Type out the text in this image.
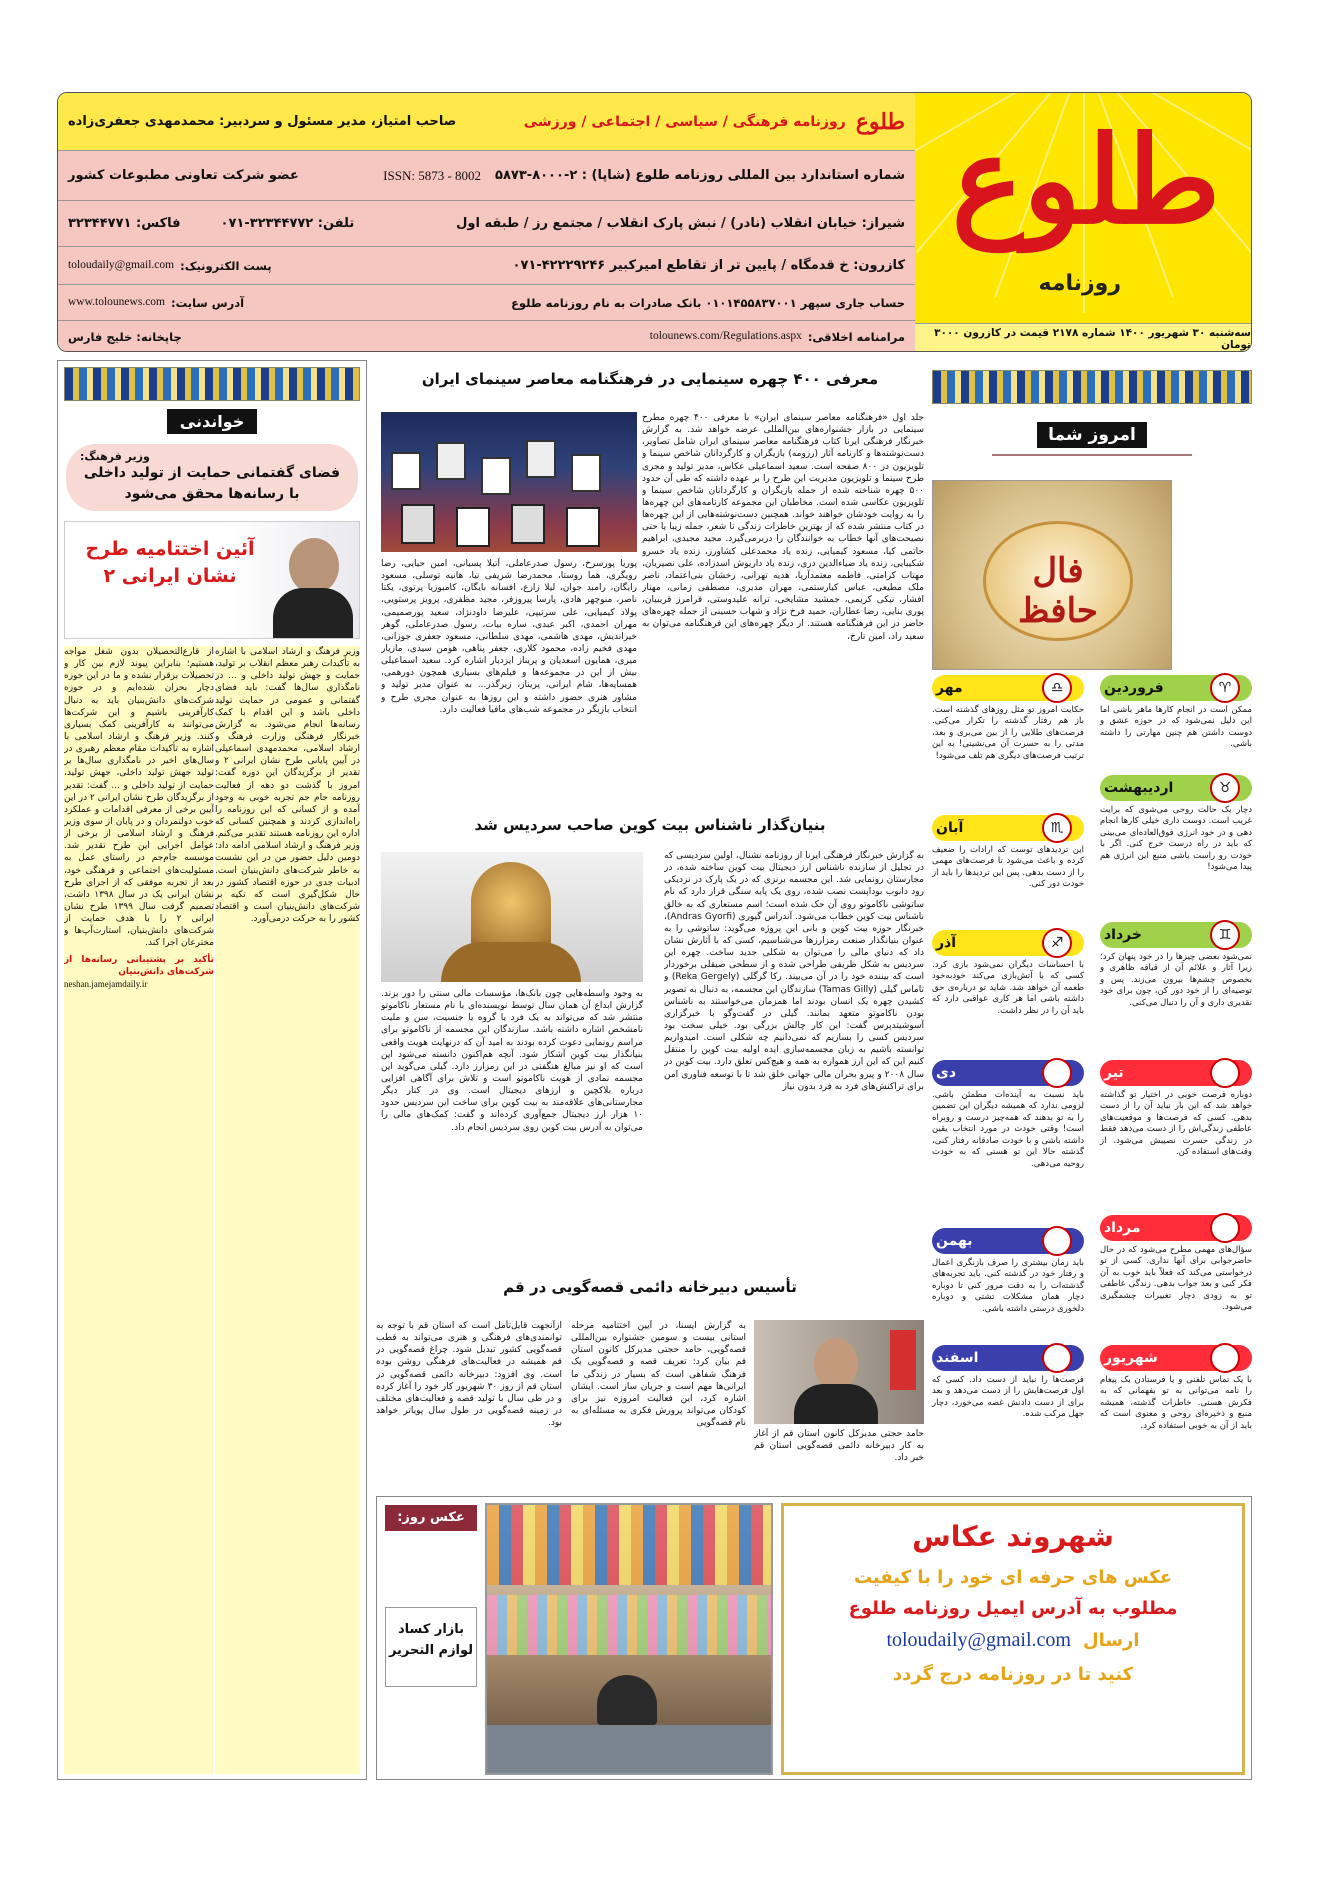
طلوع
روزنامه
سه‌شنبه ۳۰ شهریور ۱۴۰۰ شماره ۲۱۷۸ قیمت در کازرون ۳۰۰۰ تومان
طلوع
روزنامه فرهنگی / سیاسی / اجتماعی / ورزشی
صاحب امتیاز، مدیر مسئول و سردبیر: محمدمهدی جعفری‌زاده
شماره استاندارد بین المللی روزنامه طلوع (شاپا) : ۲-۸۰۰۰-۵۸۷۳
ISSN: 5873 - 8002
عضو شرکت تعاونی مطبوعات کشور
شیراز: خیابان انقلاب (نادر) / نبش پارک انقلاب / مجتمع رز / طبقه اول
تلفن: ۳۲۳۴۴۷۷۲-۰۷۱
فاکس: ۳۲۳۴۴۷۷۱
کازرون: خ قدمگاه / پایین تر از تقاطع امیرکبیر ۴۲۲۲۹۲۴۶-۰۷۱
پست الکترونیک:
toloudaily@gmail.com
حساب جاری سپهر ۰۱۰۱۴۵۵۸۳۷۰۰۱ بانک صادرات به نام روزنامه طلوع
آدرس سایت:
www.tolounews.com
مرامنامه اخلاقی:
tolounews.com/Regulations.aspx
چاپخانه: خلیج فارس
امروز شما
فال حافظ
♈
فروردین
ممکن است در انجام کارها ماهر باشی اما این دلیل نمی‌شود که در حوزه عشق و دوست داشتن هم چنین مهارتی را داشته باشی.
♎
مهر
حکایت امروز تو مثل روزهای گذشته است. باز هم رفتار گذشته را تکرار می‌کنی. فرصت‌های طلایی را از بین می‌بری و بعد، مدتی را به حسرت آن می‌نشینی! به این ترتیب فرصت‌های دیگری هم تلف می‌شود!
♉
اردیبهشت
دچار یک حالت روحی می‌شوی که برایت غریب است. دوست داری خیلی کارها انجام دهی و در خود انرژی فوق‌العاده‌ای می‌بینی که باید در راه درست خرج کنی. اگر با خودت رو راست باشی منبع این انرژی هم پیدا می‌شود!
♏
آبان
این تردیدهای توست که ارادات را ضعیف کرده و باعث می‌شود تا فرصت‌های مهمی را از دست بدهی. پس این تردیدها را باید از خودت دور کنی.
♊
خرداد
نمی‌شود بعضی چیزها را در خود پنهان کرد؛ زیرا آثار و علائم آن از قیافه ظاهری و بخصوص چشم‌ها بیرون می‌زند. پس و توصیه‌ای را از خود دور کن، چون برای خود تقدیری داری و آن را دنبال می‌کنی.
♐
آذر
با احساسات دیگران نمی‌شود بازی کرد. کسی که با آتش‌بازی می‌کند خودبه‌خود طعمه آن خواهد شد. شاید تو درباره‌ی حق داشته باشی اما هر کاری عواقبی دارد که باید آن را در نظر داشت.
♋
تیر
دوباره فرصت خوبی در اختیار تو گذاشته خواهد شد که این بار نباید آن را از دست بدهی. کسی که فرصت‌ها و موقعیت‌های عاطفی زندگی‌اش را از دست می‌دهد فقط در زندگی حسرت نصیبش می‌شود. از وقت‌های استفاده کن.
♑
دی
باید نسبت به آینده‌ات مطمئن باشی. لزومی ندارد که همیشه دیگران این تضمین را به تو بدهند که همه‌چیز درست و روبراه است! وقتی خودت در مورد انتخاب یقین داشته باشی و با خودت صادقانه رفتار کنی، گذشته حالا این تو هستی که به خودت روحیه می‌دهی.
♌
مرداد
سؤال‌های مهمی مطرح می‌شود که در حال حاضرجوابی برای آنها نداری. کسی از تو درخواستی می‌کند که فعلاً باید خوب به آن فکر کنی و بعد جواب بدهی. زندگی عاطفی تو به زودی دچار تغییرات چشمگیری می‌شود.
♒
بهمن
باید زمان بیشتری را صرف بازنگری اعمال و رفتار خود در گذشته کنی. باید تجربه‌های گذشته‌ات را به دقت مرور کنی تا دوباره دچار همان مشکلات تشتی و دوباره دلخوری درستی داشته باشی.
♍
شهریور
با یک تماس تلفنی و یا فرستادن یک پیغام را نامه می‌توانی به تو بفهمانی که به فکرش هستی. خاطرات گذشته، همیشه منبع و ذخیره‌ای روحی و معنوی است که باید از آن به خوبی استفاده کرد.
♓
اسفند
فرصت‌ها را نباید از دست داد. کسی که اول فرصت‌هایش را از دست می‌دهد و بعد برای از دست دادنش غصه می‌خورد، دچار جهل مرکب شده.
معرفی ۴۰۰ چهره سینمایی در فرهنگنامه معاصر سینمای ایران
جلد اول «فرهنگنامه معاصر سینمای ایران» با معرفی ۴۰۰ چهره مطرح سینمایی در بازار جشنواره‌های بین‌المللی عرضه خواهد شد. به گزارش خبرنگار فرهنگی ایرنا کتاب فرهنگنامه معاصر سینمای ایران شامل تصاویر، دست‌نوشته‌ها و کارنامه آثار (رزومه) بازیگران و کارگردانان شاخص سینما و تلویزیون در ۸۰۰ صفحه است. سعید اسماعیلی عکاس، مدیر تولید و مجری طرح سینما و تلویزیون مدیریت این طرح را بر عهده داشته که طی آن حدود ۵۰۰ چهره شناخته شده از جمله بازیگران و کارگردانان شاخص سینما و تلویزیون عکاسی شده است. مخاطبان این مجموعه کارنامه‌های این چهره‌ها را به روایت خودشان خواهند خواند. همچنین دست‌نوشته‌هایی از این چهره‌ها در کتاب منتشر شده که از بهترین خاطرات زندگی تا شعر، جمله زیبا یا حتی نصیحت‌های آنها خطاب به خوانندگان را دربرمی‌گیرد. مجید مجیدی، ابراهیم حاتمی کیا، مسعود کیمیایی، زنده یاد محمدعلی کشاورز، زنده یاد خسرو شکیبایی، زنده یاد ضیاءالدین دری، زنده یاد داریوش اسدزاده، علی نصیریان، مهتاب کرامتی، فاطمه معتمدآریا، هدیه تهرانی، رخشان بنی‌اعتماد، ناصر ملک مطیعی، عباس کیارستمی، مهران مدیری، مصطفی زمانی، مهناز افشار، نیکی کریمی، جمشید مشایخی، ترانه علیدوستی، فرامرز قریبیان، پوری بنایی، رضا عطاران، حمید فرخ نژاد و شهاب حسینی از جمله چهره‌های حاضر در این فرهنگنامه هستند. از دیگر چهره‌های این فرهنگنامه می‌توان به سعید راد، امین تارخ،
پوریا پورسرخ، رسول صدرعاملی، آتیلا پسیانی، امین حیایی، رضا رویگری، هما روستا، محمدرضا شریفی نیا، هانیه توسلی، مسعود رایگان، رامبد جوان، لیلا زارع، افسانه بایگان، کامبوزیا پرتوی، یکتا ناصر، منوچهر هادی، پارسا پیروزفر، مجید مظفری، پرویز پرستویی، پولاد کیمیایی، علی سرتیپی، علیرضا داودنژاد، سعید پورصمیمی، مهران احمدی، اکبر عبدی، ساره بیات، رسول صدرعاملی، گوهر خیراندیش، مهدی هاشمی، مهدی سلطانی، مسعود جعفری جوزانی، مهدی فخیم زاده، محمود کلاری، جعفر پناهی، هومن سیدی، مازیار میری، همایون اسعدیان و پریناز ایزدیار اشاره کرد. سعید اسماعیلی بیش از این در مجموعه‌ها و فیلم‌های بسیاری همچون دورهمی، همسایه‌ها، شام ایرانی، پریناز، زیرگذر... به عنوان مدیر تولید و مشاور هنری حضور داشته و این روزها به عنوان مجری طرح و انتخاب بازیگر در مجموعه شب‌های مافیا فعالیت دارد.
بنیان‌گذار ناشناس بیت کوین صاحب سردیس شد
به گزارش خبرنگار فرهنگی ایرنا از روزنامه نشنال، اولین سردیسی که در تجلیل از سازنده ناشناس ارز دیجیتال بیت کوین ساخته شده، در مجارستان رونمایی شد. این مجسمه برنزی که در یک پارک در نزدیکی رود دانوب بوداپست نصب شده، روی یک پایه سنگی قرار دارد که نام ساتوشی ناکاموتو روی آن حک شده است؛ اسم مستعاری که به خالق ناشناس بیت کوین خطاب می‌شود. آندراس گیوری (Andras Gyorfi)، خبرنگار حوزه بیت کوین و بانی این پروژه می‌گوید: ساتوشی را به عنوان بنیانگذار صنعت رمزارزها می‌شناسیم، کسی که با آثارش نشان داد که دنیای مالی را می‌توان به شکلی جدید ساخت. چهره این سردیس به شکل ظریفی طراحی شده و از سطحی صیقلی برخوردار است که بیننده خود را در آن می‌بیند. رکا گرگلی (Reka Gergely) و تاماس گیلی (Tamas Gilly) سازندگان این مجسمه، به دنبال به تصویر کشیدن چهره یک انسان بودند اما همزمان می‌خواستند به ناشناس بودن ناکاموتو متعهد بمانند. گیلی در گفت‌وگو با خبرگزاری آسوشیتدپرس گفت: این کار چالش بزرگی بود. خیلی سخت بود سردیس کسی را بسازیم که نمی‌دانیم چه شکلی است. امیدواریم توانسته باشیم به زبان مجسمه‌سازی ایده اولیه بیت کوین را منتقل کنیم این که این ارز همواره به همه و هیچ‌کس تعلق دارد. بیت کوین در سال ۲۰۰۸ و پیرو بحران مالی جهانی خلق شد تا با توسعه فناوری امن برای تراکنش‌های فرد به فرد بدون نیاز
به وجود واسطه‌هایی چون بانک‌ها، مؤسسات مالی سنتی را دور بزند. گزارش ابداع آن همان سال توسط نویسنده‌ای با نام مستعار ناکاموتو منتشر شد که می‌تواند به یک فرد یا گروه یا جنسیت، سن و ملیت نامشخص اشاره داشته باشد. سازندگان این مجسمه از ناکاموتو برای مراسم رونمایی دعوت کرده بودند به امید آن که درنهایت هویت واقعی بنیانگذار بیت کوین آشکار شود. آنچه هم‌اکنون دانسته می‌شود این است که او نیز مبالغ هنگفتی در این رمزارز دارد. گیلی می‌گوید این مجسمه نمادی از هویت ناکاموتو است و تلاش برای آگاهی افزایی درباره بلاکچین و ارزهای دیجیتال است. وی در کنار دیگر مجارستانی‌های علاقه‌مند به بیت کوین برای ساخت این سردیس حدود ۱۰ هزار ارز دیجیتال جمع‌آوری کرده‌اند و گفت: کمک‌های مالی را می‌توان به آدرس بیت کوین روی سردیس انجام داد.
تأسیس دبیرخانه دائمی قصه‌گویی در قم
حامد حجتی مدیرکل کانون استان قم از آغاز به کار دبیرخانه دائمی قصه‌گویی استان قم خبر داد.
به گزارش ایسنا، در آیین اختتامیه مرحله استانی بیست و سومین جشنواره بین‌المللی قصه‌گویی، حامد حجتی مدیرکل کانون استان قم بیان کرد: تعریف قصه و قصه‌گویی یک فرهنگ شفاهی است که بسیار در زندگی ما ایرانی‌ها مهم است و جریان ساز است. ایشان اشاره کرد، این فعالیت امروزه نیز برای کودکان می‌تواند پرورش فکری به مسئله‌ای به نام قصه‌گویی
ازآنجهت قابل‌تأمل است که استان قم با توجه به توانمندی‌های فرهنگی و هنری می‌تواند به قطب قصه‌گویی کشور تبدیل شود. چراغ قصه‌گویی در قم همیشه در فعالیت‌های فرهنگی روشن بوده است. وی افزود: دبیرخانه دائمی قصه‌گویی در استان قم از روز ۳۰ شهریور کار خود را آغاز کرده و در طی سال با تولید قصه و فعالیت‌های مختلف در زمینه قصه‌گویی در طول سال پویاتر خواهد بود.
خواندنی
وزیر فرهنگ:
فضای گفتمانی حمایت از تولید داخلی با رسانه‌ها محقق می‌شود
آئین اختتامیه طرح نشان ایرانی ۲
وزیر فرهنگ و ارشاد اسلامی با اشاره به تأکیدات رهبر معظم انقلاب بر تولید، حمایت و جهش تولید داخلی و ... در نامگذاری سال‌ها گفت: باید فضای گفتمانی و عمومی در حمایت تولید داخلی باشد و این اقدام با کمک رسانه‌ها انجام می‌شود. به گزارش خبرنگار فرهنگی وزارت فرهنگ و ارشاد اسلامی، محمدمهدی اسماعیلی در آیین پایانی طرح نشان ایرانی ۲ و تقدیر از برگزیدگان این دوره گفت: امروز با گذشت دو دهه از فعالیت روزنامه جام جم تجربه خوبی به وجود آمده و از کسانی که این روزنامه را راه‌اندازی کردند و همچنین کسانی که اداره این روزنامه هستند تقدیر می‌کنم. وزیر فرهنگ و ارشاد اسلامی ادامه داد: دومین دلیل حضور من در این نشست به خاطر شرکت‌های دانش‌بنیان است. ادبیات جدی در حوزه اقتصاد کشور در حال شکل‌گیری است که تکیه بر شرکت‌های دانش‌بنیان است و اقتصاد کشور را به حرکت درمی‌آورد.
از قارع‌التحصیلان بدون شغل مواجه هستیم؛ بنابراین پیوند لازم بین کار و تحصیلات برقرار نشده و ما در این حوزه دچار بحران شده‌ایم و در حوزه شرکت‌های دانش‌بنیان باید به دنبال کارآفرینی باشیم و این شرکت‌ها می‌توانند به کارآفرینی کمک بسیاری کنند. وزیر فرهنگ و ارشاد اسلامی با اشاره به تأکیدات مقام معظم رهبری در سال‌های اخیر در نامگذاری سال‌ها بر تولید جهش تولید داخلی، جهش تولید، حمایت از تولید داخلی و ... گفت: تقدیر از برگزیدگان طرح نشان ایرانی ۲ در این آیین برخی از معرفی اقدامات و عملکرد خوب دولتمردان و در پایان از سوی وزیر فرهنگ و ارشاد اسلامی از برخی از عوامل اجرایی این طرح تقدیر شد. موسسه جام‌جم در راستای عمل به مسئولیت‌های اجتماعی و فرهنگی خود، بعد از تجربه موفقی که از اجرای طرح نشان ایرانی یک در سال ۱۳۹۸ داشت، تصمیم گرفت سال ۱۳۹۹ طرح نشان ایرانی ۲ را با هدف حمایت از شرکت‌های دانش‌بنیان، استارت‌آپ‌ها و مخترعان اجرا کند.
تأکید بر پشتیبانی رسانه‌ها از شرکت‌های دانش‌بنیان
neshan.jamejamdaily.ir
عکس روز:
بازار کساد
لوازم التحریر
شهروند عکاس
عکس های حرفه ای خود را با کیفیت
مطلوب به آدرس ایمیل روزنامه طلوع
ارسال
toloudaily@gmail.com
کنید تا در روزنامه درج گردد
